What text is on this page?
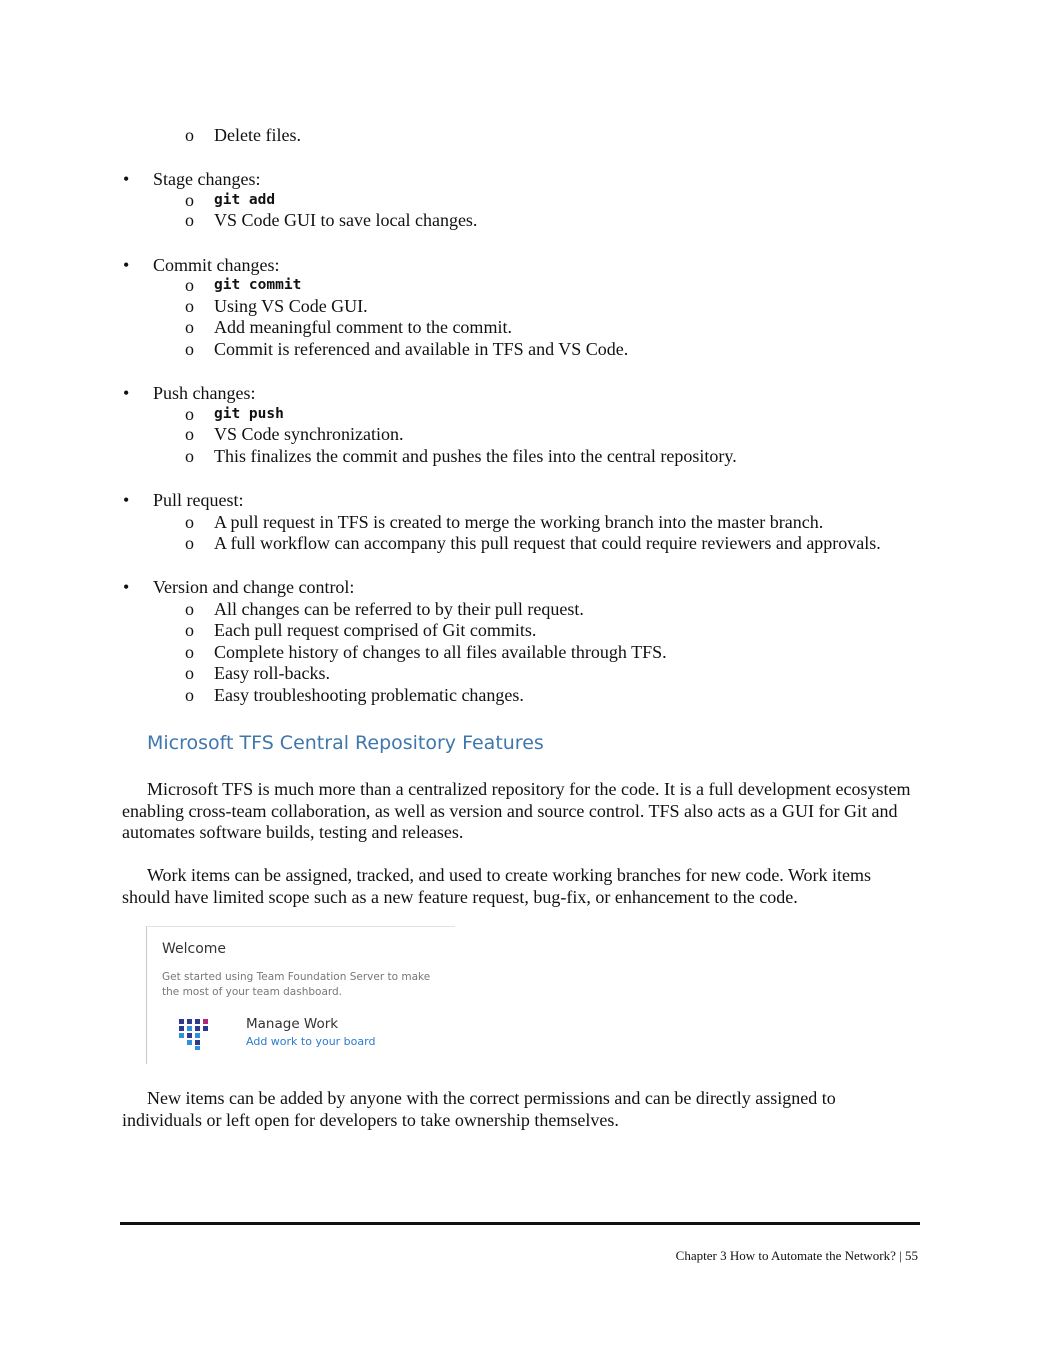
o Delete files.
• Stage changes:
o git add
o VS Code GUI to save local changes.
• Commit changes:
o git commit
o Using VS Code GUI.
o Add meaningful comment to the commit.
o Commit is referenced and available in TFS and VS Code.
• Push changes:
o git push
o VS Code synchronization.
o This finalizes the commit and pushes the files into the central repository.
• Pull request:
o A pull request in TFS is created to merge the working branch into the master branch.
o A full workflow can accompany this pull request that could require reviewers and approvals.
• Version and change control:
o All changes can be referred to by their pull request.
o Each pull request comprised of Git commits.
o Complete history of changes to all files available through TFS.
o Easy roll-backs.
o Easy troubleshooting problematic changes.
Microsoft TFS Central Repository Features
Microsoft TFS is much more than a centralized repository for the code. It is a full development ecosystem enabling cross-team collaboration, as well as version and source control. TFS also acts as a GUI for Git and automates software builds, testing and releases.
Work items can be assigned, tracked, and used to create working branches for new code. Work items should have limited scope such as a new feature request, bug-fix, or enhancement to the code.
Welcome
Get started using Team Foundation Server to make the most of your team dashboard.
Manage Work
Add work to your board
New items can be added by anyone with the correct permissions and can be directly assigned to individuals or left open for developers to take ownership themselves.
Chapter 3 How to Automate the Network? | 55
